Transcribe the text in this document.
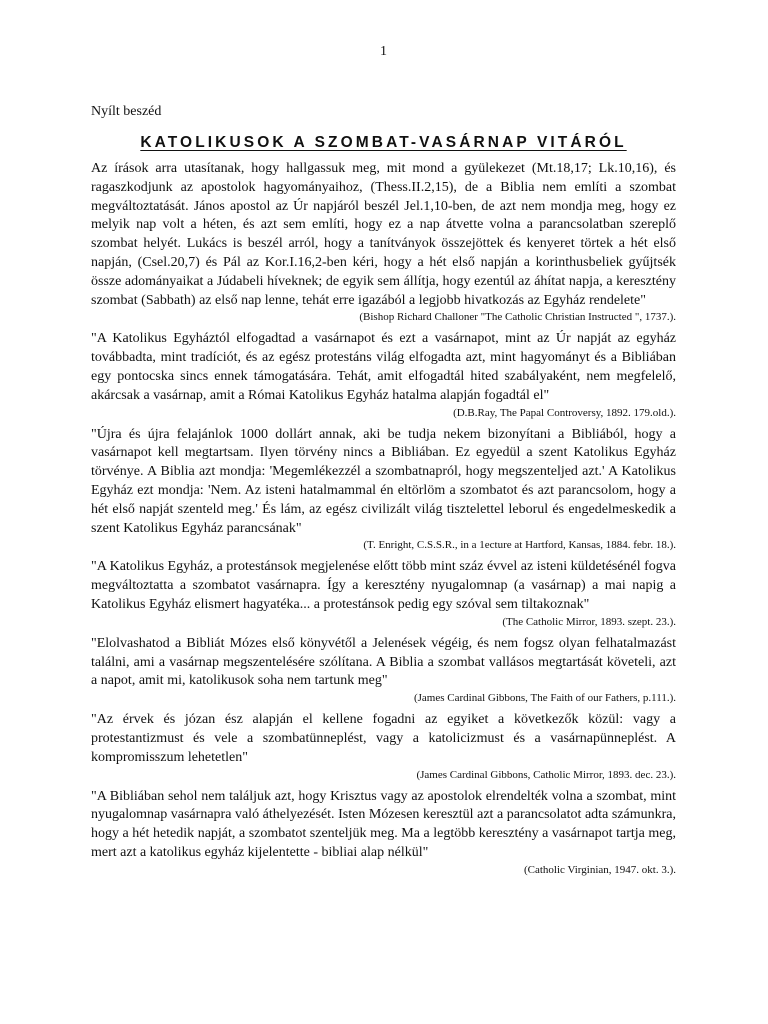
1
Nyílt beszéd
KATOLIKUSOK A SZOMBAT-VASÁRNAP VITÁRÓL

Az írások arra utasítanak, hogy hallgassuk meg, mit mond a gyülekezet (Mt.18,17; Lk.10,16), és ragaszkodjunk az apostolok hagyományaihoz, (Thess.II.2,15), de a Biblia nem említi a szombat megváltoztatását. János apostol az Úr napjáról beszél Jel.1,10-ben, de azt nem mondja meg, hogy ez melyik nap volt a héten, és azt sem említi, hogy ez a nap átvette volna a parancsolatban szereplő szombat helyét. Lukács is beszél arról, hogy a tanítványok összejöttek és kenyeret törtek a hét első napján, (Csel.20,7) és Pál az Kor.I.16,2-ben kéri, hogy a hét első napján a korinthusbeliek gyűjtsék össze adományaikat a Júdabeli híveknek; de egyik sem állítja, hogy ezentúl az áhítat napja, a keresztény szombat (Sabbath) az első nap lenne, tehát erre igazából a legjobb hivatkozás az Egyház rendelete"

(Bishop Richard Challoner "The Catholic Christian Instructed ", 1737.).

"A Katolikus Egyháztól elfogadtad a vasárnapot és ezt a vasárnapot, mint az Úr napját az egyház továbbadta, mint tradíciót, és az egész protestáns világ elfogadta azt, mint hagyományt és a Bibliában egy pontocska sincs ennek támogatására. Tehát, amit elfogadtál hited szabályaként, nem megfelelő, akárcsak a vasárnap, amit a Római Katolikus Egyház hatalma alapján fogadtál el"

(D.B.Ray, The Papal Controversy, 1892. 179.old.).

"Újra és újra felajánlok 1000 dollárt annak, aki be tudja nekem bizonyítani a Bibliából, hogy a vasárnapot kell megtartsam. Ilyen törvény nincs a Bibliában. Ez egyedül a szent Katolikus Egyház törvénye. A Biblia azt mondja: 'Megemlékezzél a szombatnapról, hogy megszenteljed azt.' A Katolikus Egyház ezt mondja: 'Nem. Az isteni hatalmammal én eltörlöm a szombatot és azt parancsolom, hogy a hét első napját szenteld meg.' És lám, az egész civilizált világ tisztelettel leborul és engedelmeskedik a szent Katolikus Egyház parancsának"

(T. Enright, C.S.S.R., in a 1ecture at Hartford, Kansas, 1884. febr. 18.).

"A Katolikus Egyház, a protestánsok megjelenése előtt több mint száz évvel az isteni küldetésénél fogva megváltoztatta a szombatot vasárnapra. Így a keresztény nyugalomnap (a vasárnap) a mai napig a Katolikus Egyház elismert hagyatéka... a protestánsok pedig egy szóval sem tiltakoznak"

(The Catholic Mirror, 1893. szept. 23.).

"Elolvashatod a Bibliát Mózes első könyvétől a Jelenések végéig, és nem fogsz olyan felhatalmazást találni, ami a vasárnap megszentelésére szólítana. A Biblia a szombat vallásos megtartását követeli, azt a napot, amit mi, katolikusok soha nem tartunk meg"

(James Cardinal Gibbons, The Faith of our Fathers, p.111.).

"Az érvek és józan ész alapján el kellene fogadni az egyiket a következők közül: vagy a protestantizmust és vele a szombatünneplést, vagy a katolicizmust és a vasárnapünneplést. A kompromisszum lehetetlen"

(James Cardinal Gibbons, Catholic Mirror, 1893. dec. 23.).

"A Bibliában sehol nem találjuk azt, hogy Krisztus vagy az apostolok elrendelték volna a szombat, mint nyugalomnap vasárnapra való áthelyezését. Isten Mózesen keresztül azt a parancsolatot adta számunkra, hogy a hét hetedik napját, a szombatot szenteljük meg. Ma a legtöbb keresztény a vasárnapot tartja meg, mert azt a katolikus egyház kijelentette - bibliai alap nélkül"

(Catholic Virginian, 1947. okt. 3.).
